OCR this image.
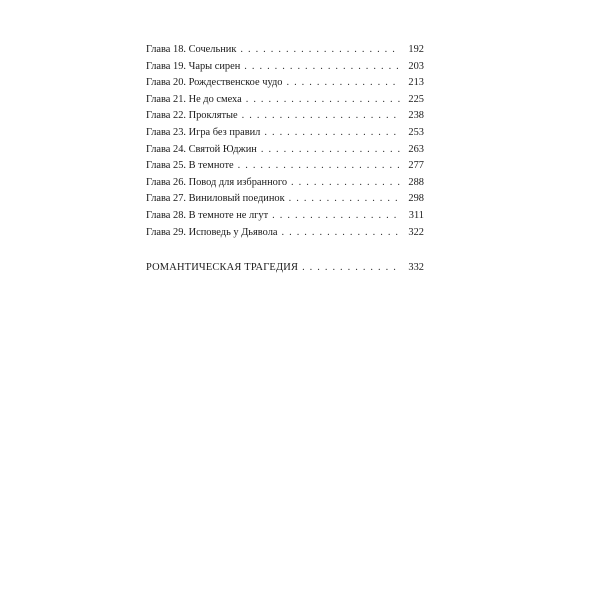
Глава 18. Сочельник . . .	192
Глава 19. Чары сирен . . .	203
Глава 20. Рождественское чудо . . .	213
Глава 21. Не до смеха . . .	225
Глава 22. Проклятые . . .	238
Глава 23. Игра без правил . . .	253
Глава 24. Святой Юджин . . .	263
Глава 25. В темноте . . .	277
Глава 26. Повод для избранного . . .	288
Глава 27. Виниловый поединок . . .	298
Глава 28. В темноте не лгут . . .	311
Глава 29. Исповедь у Дьявола . . .	322
РОМАНТИЧЕСКАЯ ТРАГЕДИЯ . . .	332
